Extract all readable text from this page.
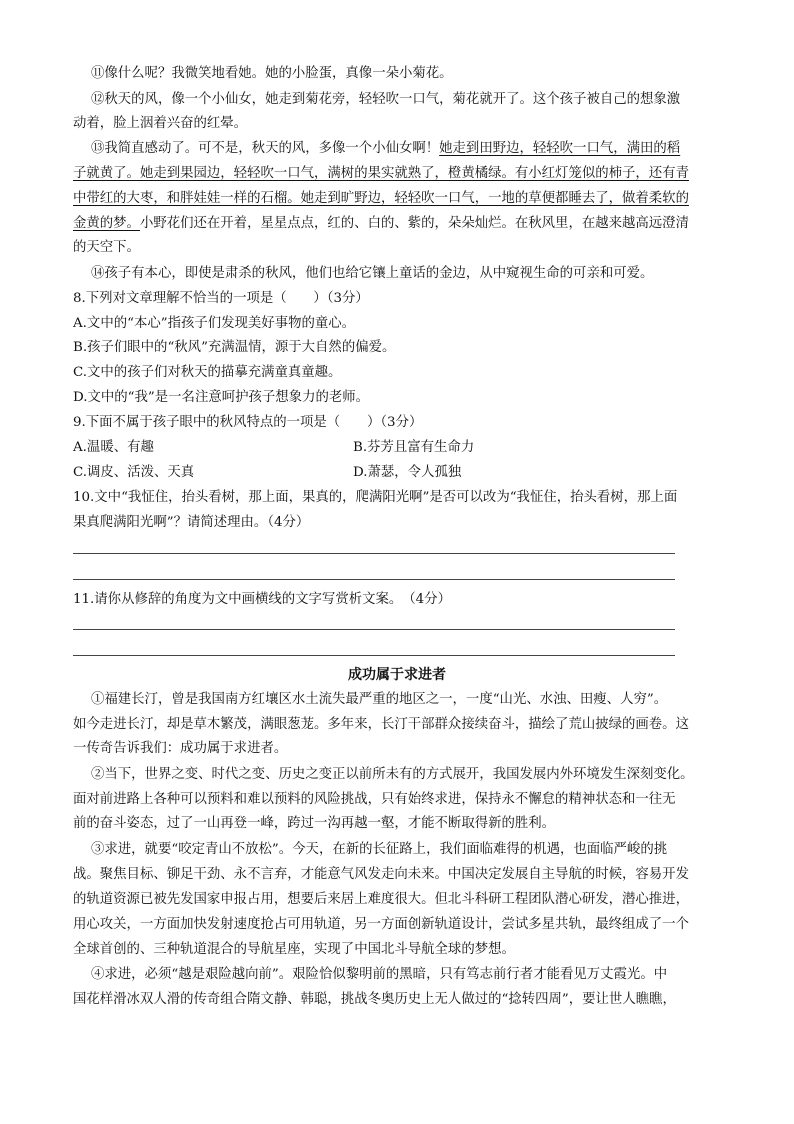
⑪像什么呢？我微笑地看她。她的小脸蛋，真像一朵小菊花。
⑫秋天的风，像一个小仙女，她走到菊花旁，轻轻吹一口气，菊花就开了。这个孩子被自己的想象激
动着，脸上洇着兴奋的红晕。
⑬我简直感动了。可不是，秋天的风，多像一个小仙女啊！她走到田野边，轻轻吹一口气，满田的稻
子就黄了。她走到果园边，轻轻吹一口气，满树的果实就熟了，橙黄橘绿。有小红灯笼似的柿子，还有青
中带红的大枣，和胖娃娃一样的石榴。她走到旷野边，轻轻吹一口气，一地的草便都睡去了，做着柔软的
金黄的梦。小野花们还在开着，星星点点，红的、白的、紫的，朵朵灿烂。在秋风里，在越来越高远澄清
的天空下。
⑭孩子有本心，即使是肃杀的秋风，他们也给它镶上童话的金边，从中窥视生命的可亲和可爱。
8.下列对文章理解不恰当的一项是（　　）（3分）
A.文中的“本心”指孩子们发现美好事物的童心。
B.孩子们眼中的“秋风”充满温情，源于大自然的偏爱。
C.文中的孩子们对秋天的描摹充满童真童趣。
D.文中的“我”是一名注意呵护孩子想象力的老师。
9.下面不属于孩子眼中的秋风特点的一项是（　　）（3分）
A.温暖、有趣	B.芬芳且富有生命力
C.调皮、活泼、天真	D.萧瑟，令人孤独
10.文中“我怔住，抬头看树，那上面，果真的，爬满阳光啊”是否可以改为“我怔住，抬头看树，那上面
果真爬满阳光啊”？请简述理由。（4分）
11.请你从修辞的角度为文中画横线的文字写赏析文案。　（4分）
成功属于求进者
①福建长汀，曾是我国南方红壤区水土流失最严重的地区之一，一度“山光、水浊、田瘦、人穷”。
如今走进长汀，却是草木繁茂，满眼葱茏。多年来，长汀干部群众接续奋斗，描绘了荒山披绿的画卷。这
一传奇告诉我们：成功属于求进者。
②当下，世界之变、时代之变、历史之变正以前所未有的方式展开，我国发展内外环境发生深刻变化。
面对前进路上各种可以预料和难以预料的风险挑战，只有始终求进，保持永不懈怠的精神状态和一往无
前的奋斗姿态，过了一山再登一峰，跨过一沟再越一壑，才能不断取得新的胜利。
③求进，就要“咬定青山不放松”。今天，在新的长征路上，我们面临难得的机遇，也面临严峻的挑
战。聚焦目标、铆足干劲、永不言弃，才能意气风发走向未来。中国决定发展自主导航的时候，容易开发
的轨道资源已被先发国家申报占用，想要后来居上难度很大。但北斗科研工程团队潜心研发，潜心推进，
用心攻关，一方面加快发射速度抢占可用轨道，另一方面创新轨道设计，尝试多星共轨，最终组成了一个
全球首创的、三种轨道混合的导航星座，实现了中国北斗导航全球的梦想。
④求进，必须“越是艰险越向前”。艰险恰似黎明前的黑暗，只有笃志前行者才能看见万丈霞光。中
国花样滑冰双人滑的传奇组合隋文静、韩聪，挑战冬奥历史上无人做过的“捻转四周”，要让世人瞧瞧，
